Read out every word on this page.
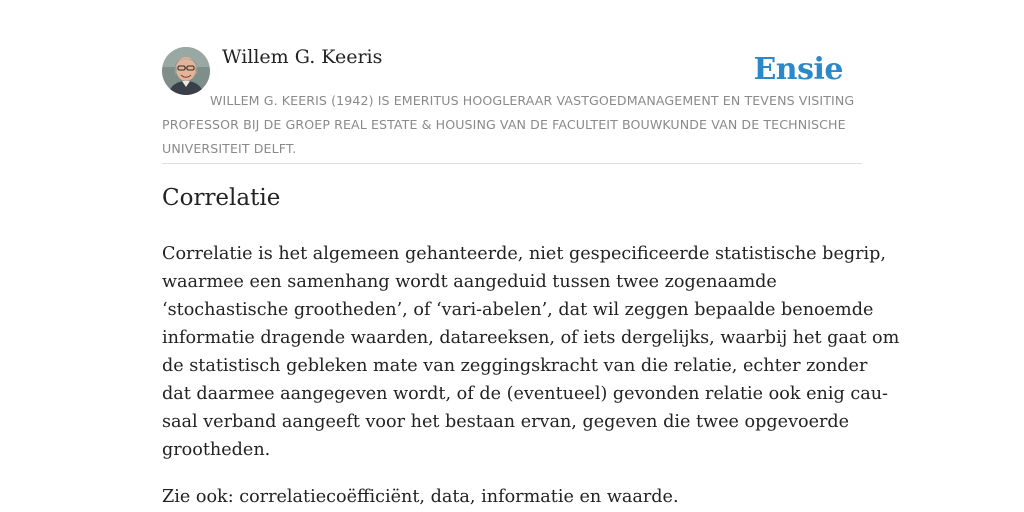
Willem G. Keeris	Ensie
WILLEM G. KEERIS (1942) IS EMERITUS HOOGLERAAR VASTGOEDMANAGEMENT EN TEVENS VISITING PROFESSOR BIJ DE GROEP REAL ESTATE & HOUSING VAN DE FACULTEIT BOUWKUNDE VAN DE TECHNISCHE UNIVERSITEIT DELFT.
Correlatie
Correlatie is het algemeen gehanteerde, niet gespecificeerde statistische begrip,
waarmee een samenhang wordt aangeduid tussen twee zogenaamde
‘stochastische grootheden’, of ‘vari-abelen’, dat wil zeggen bepaalde benoemde
informatie dragende waarden, datareeksen, of iets dergelijks, waarbij het gaat om
de statistisch gebleken mate van zeggingskracht van die relatie, echter zonder
dat daarmee aangegeven wordt, of de (eventueel) gevonden relatie ook enig cau-
saal verband aangeeft voor het bestaan ervan, gegeven die twee opgevoerde
grootheden.
Zie ook: correlatiecoëfficiënt, data, informatie en waarde.
